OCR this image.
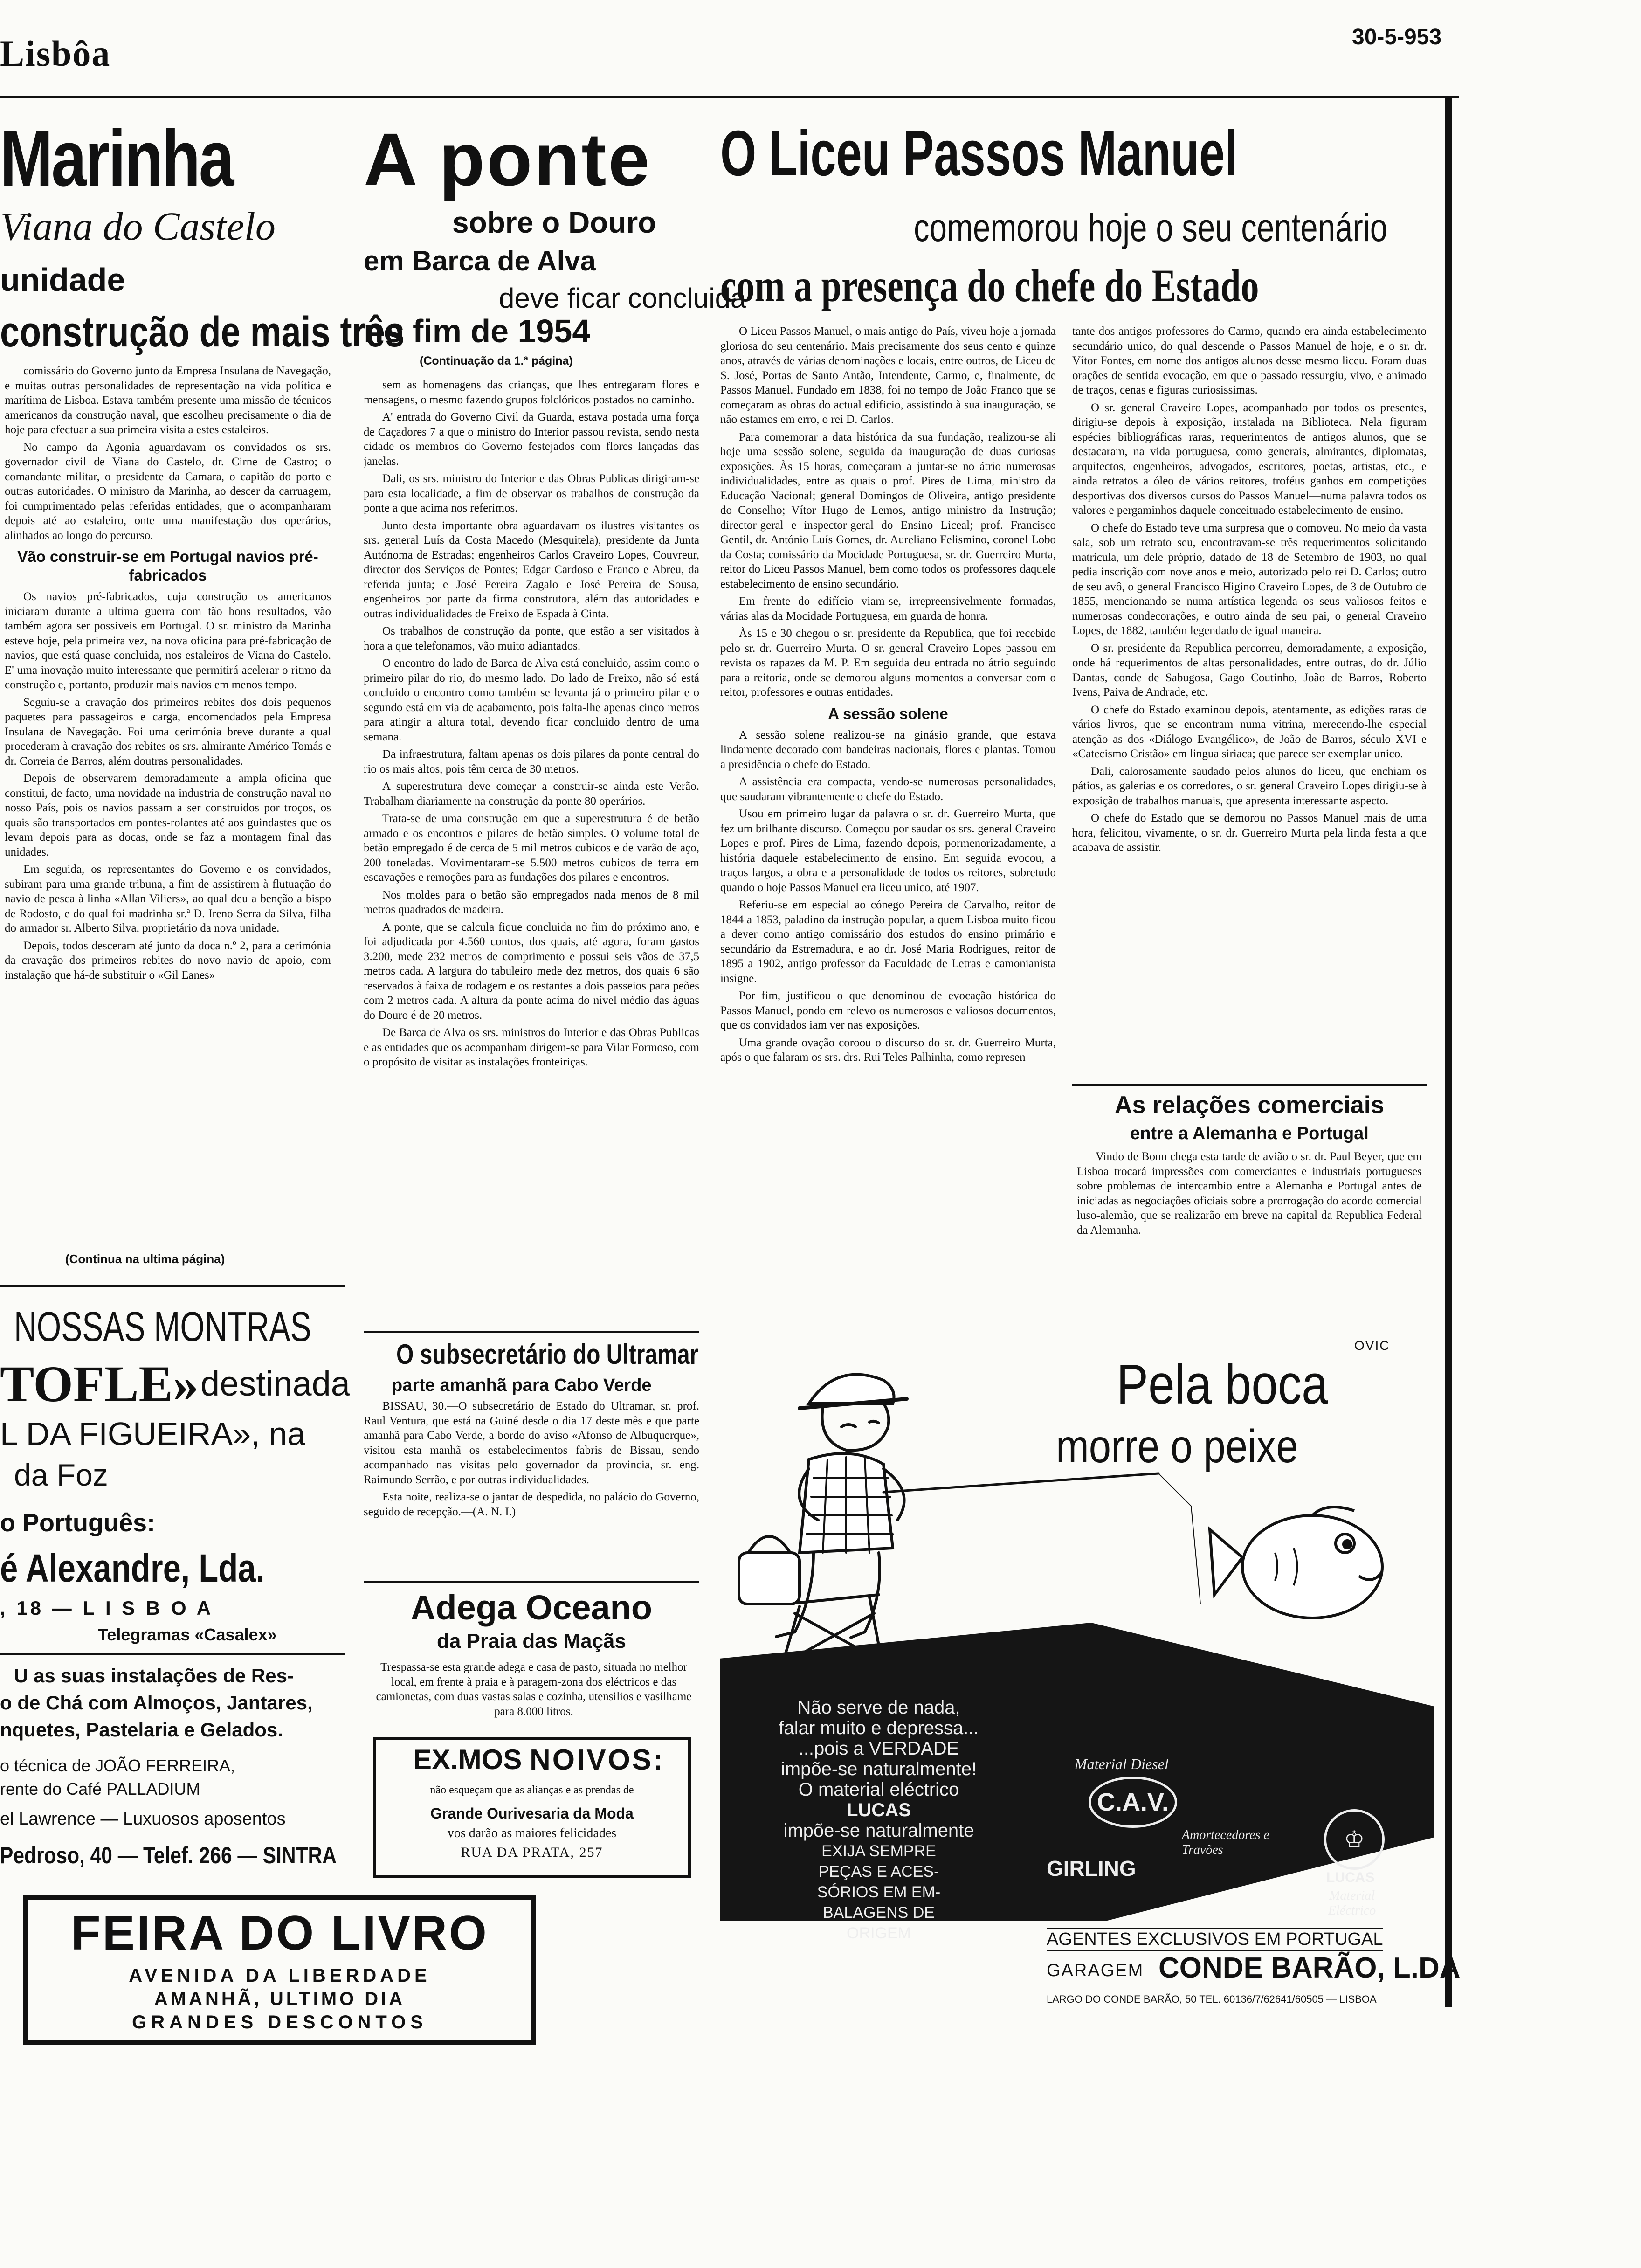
Lisbôa	30-5-953
Marinha
Viana do Castelo
unidade
construção de mais três

comissário do Governo junto da Empresa Insulana de Navegação, e muitas outras personalidades de representação na vida política e marítima de Lisboa. Estava também presente uma missão de técnicos americanos da construção naval, que escolheu precisamente o dia de hoje para efectuar a sua primeira visita a estes estaleiros.

No campo da Agonia aguardavam os convidados os srs. governador civil de Viana do Castelo, dr. Cirne de Castro; o comandante militar, o presidente da Camara, o capitão do porto e outras autoridades. O ministro da Marinha, ao descer da carruagem, foi cumprimentado pelas referidas entidades, que o acompanharam depois até ao estaleiro, onte uma manifestação dos operários, alinhados ao longo do percurso.

Vão construir-se em Portugal navios pré-fabricados

Os navios pré-fabricados, cuja construção os americanos iniciaram durante a ultima guerra com tão bons resultados, vão também agora ser possiveis em Portugal. O sr. ministro da Marinha esteve hoje, pela primeira vez, na nova oficina para pré-fabricação de navios, que está quase concluida, nos estaleiros de Viana do Castelo. E' uma inovação muito interessante que permitirá acelerar o ritmo da construção e, portanto, produzir mais navios em menos tempo.

Seguiu-se a cravação dos primeiros rebites dos dois pequenos paquetes para passageiros e carga, encomendados pela Empresa Insulana de Navegação. Foi uma cerimónia breve durante a qual procederam à cravação dos rebites os srs. almirante Américo Tomás e dr. Correia de Barros, além doutras personalidades.

Depois de observarem demoradamente a ampla oficina que constitui, de facto, uma novidade na industria de construção naval no nosso País, pois os navios passam a ser construidos por troços, os quais são transportados em pontes-rolantes até aos guindastes que os levam depois para as docas, onde se faz a montagem final das unidades.

Em seguida, os representantes do Governo e os convidados, subiram para uma grande tribuna, a fim de assistirem à flutuação do navio de pesca à linha «Allan Viliers», ao qual deu a benção a bispo de Rodosto, e do qual foi madrinha sr.ª D. Ireno Serra da Silva, filha do armador sr. Alberto Silva, proprietário da nova unidade.

Depois, todos desceram até junto da doca n.º 2, para a cerimónia da cravação dos primeiros rebites do novo navio de apoio, com instalação que há-de substituir o «Gil Eanes»

(Continua na ultima página)
NOSSAS MONTRAS
TOFLE» destinada
L DA FIGUEIRA», na
da Foz
o Português:
é Alexandre, Lda.
, 18 — L I S B O A
Telegramas «Casalex»
U as suas instalações de Res-
o de Chá com Almoços, Jantares,
nquetes, Pastelaria e Gelados.
o técnica de JOÃO FERREIRA,
rente do Café PALLADIUM
el Lawrence — Luxuosos aposentos
Pedroso, 40 — Telef. 266 — SINTRA
FEIRA DO LIVRO
AVENIDA DA LIBERDADE
AMANHÃ, ULTIMO DIA
GRANDES DESCONTOS
A ponte
sobre o Douro
em Barca de Alva
deve ficar concluida
no fim de 1954
(Continuação da 1.ª página)

sem as homenagens das crianças, que lhes entregaram flores e mensagens, o mesmo fazendo grupos folclóricos postados no caminho.

A' entrada do Governo Civil da Guarda, estava postada uma força de Caçadores 7 a que o ministro do Interior passou revista, sendo nesta cidade os membros do Governo festejados com flores lançadas das janelas.

Dali, os srs. ministro do Interior e das Obras Publicas dirigiram-se para esta localidade, a fim de observar os trabalhos de construção da ponte a que acima nos referimos.

Junto desta importante obra aguardavam os ilustres visitantes os srs. general Luís da Costa Macedo (Mesquitela), presidente da Junta Autónoma de Estradas; engenheiros Carlos Craveiro Lopes, Couvreur, director dos Serviços de Pontes; Edgar Cardoso e Franco e Abreu, da referida junta; e José Pereira Zagalo e José Pereira de Sousa, engenheiros por parte da firma construtora, além das autoridades e outras individualidades de Freixo de Espada à Cinta.

Os trabalhos de construção da ponte, que estão a ser visitados à hora a que telefonamos, vão muito adiantados.

O encontro do lado de Barca de Alva está concluido, assim como o primeiro pilar do rio, do mesmo lado. Do lado de Freixo, não só está concluido o encontro como também se levanta já o primeiro pilar e o segundo está em via de acabamento, pois falta-lhe apenas cinco metros para atingir a altura total, devendo ficar concluido dentro de uma semana.

Da infraestrutura, faltam apenas os dois pilares da ponte central do rio os mais altos, pois têm cerca de 30 metros.

A superestrutura deve começar a construir-se ainda este Verão. Trabalham diariamente na construção da ponte 80 operários.

Trata-se de uma construção em que a superestrutura é de betão armado e os encontros e pilares de betão simples. O volume total de betão empregado é de cerca de 5 mil metros cubicos e de varão de aço, 200 toneladas. Movimentaram-se 5.500 metros cubicos de terra em escavações e remoções para as fundações dos pilares e encontros.

Nos moldes para o betão são empregados nada menos de 8 mil metros quadrados de madeira.

A ponte, que se calcula fique concluida no fim do próximo ano, e foi adjudicada por 4.560 contos, dos quais, até agora, foram gastos 3.200, mede 232 metros de comprimento e possui seis vãos de 37,5 metros cada. A largura do tabuleiro mede dez metros, dos quais 6 são reservados à faixa de rodagem e os restantes a dois passeios para peões com 2 metros cada. A altura da ponte acima do nível médio das águas do Douro é de 20 metros.

De Barca de Alva os srs. ministros do Interior e das Obras Publicas e as entidades que os acompanham dirigem-se para Vilar Formoso, com o propósito de visitar as instalações fronteiriças.

O subsecretário do Ultramar
parte amanhã para Cabo Verde

BISSAU, 30.—O subsecretário de Estado do Ultramar, sr. prof. Raul Ventura, que está na Guiné desde o dia 17 deste mês e que parte amanhã para Cabo Verde, a bordo do aviso «Afonso de Albuquerque», visitou esta manhã os estabelecimentos fabris de Bissau, sendo acompanhado nas visitas pelo governador da provincia, sr. eng. Raimundo Serrão, e por outras individualidades.

Esta noite, realiza-se o jantar de despedida, no palácio do Governo, seguido de recepção.—(A. N. I.)

Adega Oceano
da Praia das Maçãs
Trespassa-se esta grande adega e casa de pasto, situada no melhor local, em frente à praia e à paragem-zona dos eléctricos e das camionetas, com duas vastas salas e cozinha, utensilios e vasilhame para 8.000 litros.
EX.MOS NOIVOS:
não esqueçam que as alianças e as prendas de
Grande Ourivesaria da Moda
vos darão as maiores felicidades
RUA DA PRATA, 257
O Liceu Passos Manuel
comemorou hoje o seu centenário
com a presença do chefe do Estado

O Liceu Passos Manuel, o mais antigo do País, viveu hoje a jornada gloriosa do seu centenário. Mais precisamente dos seus cento e quinze anos, através de várias denominações e locais, entre outros, de Liceu de S. José, Portas de Santo Antão, Intendente, Carmo, e, finalmente, de Passos Manuel. Fundado em 1838, foi no tempo de João Franco que se começaram as obras do actual edificio, assistindo à sua inauguração, se não estamos em erro, o rei D. Carlos.

Para comemorar a data histórica da sua fundação, realizou-se ali hoje uma sessão solene, seguida da inauguração de duas curiosas exposições. Às 15 horas, começaram a juntar-se no átrio numerosas individualidades, entre as quais o prof. Pires de Lima, ministro da Educação Nacional; general Domingos de Oliveira, antigo presidente do Conselho; Vítor Hugo de Lemos, antigo ministro da Instrução; director-geral e inspector-geral do Ensino Liceal; prof. Francisco Gentil, dr. António Luís Gomes, dr. Aureliano Felismino, coronel Lobo da Costa; comissário da Mocidade Portuguesa, sr. dr. Guerreiro Murta, reitor do Liceu Passos Manuel, bem como todos os professores daquele estabelecimento de ensino secundário.

Em frente do edifício viam-se, irrepreensivelmente formadas, várias alas da Mocidade Portuguesa, em guarda de honra.

Às 15 e 30 chegou o sr. presidente da Republica, que foi recebido pelo sr. dr. Guerreiro Murta. O sr. general Craveiro Lopes passou em revista os rapazes da M. P. Em seguida deu entrada no átrio seguindo para a reitoria, onde se demorou alguns momentos a conversar com o reitor, professores e outras entidades.

A sessão solene

A sessão solene realizou-se na ginásio grande, que estava lindamente decorado com bandeiras nacionais, flores e plantas. Tomou a presidência o chefe do Estado.

A assistência era compacta, vendo-se numerosas personalidades, que saudaram vibrantemente o chefe do Estado.

Usou em primeiro lugar da palavra o sr. dr. Guerreiro Murta, que fez um brilhante discurso. Começou por saudar os srs. general Craveiro Lopes e prof. Pires de Lima, fazendo depois, pormenorizadamente, a história daquele estabelecimento de ensino. Em seguida evocou, a traços largos, a obra e a personalidade de todos os reitores, sobretudo quando o hoje Passos Manuel era liceu unico, até 1907.

Referiu-se em especial ao cónego Pereira de Carvalho, reitor de 1844 a 1853, paladino da instrução popular, a quem Lisboa muito ficou a dever como antigo comissário dos estudos do ensino primário e secundário da Estremadura, e ao dr. José Maria Rodrigues, reitor de 1895 a 1902, antigo professor da Faculdade de Letras e camonianista insigne.

Por fim, justificou o que denominou de evocação histórica do Passos Manuel, pondo em relevo os numerosos e valiosos documentos, que os convidados iam ver nas exposições.

Uma grande ovação coroou o discurso do sr. dr. Guerreiro Murta, após o que falaram os srs. drs. Rui Teles Palhinha, como represen-

tante dos antigos professores do Carmo, quando era ainda estabelecimento secundário unico, do qual descende o Passos Manuel de hoje, e o sr. dr. Vítor Fontes, em nome dos antigos alunos desse mesmo liceu. Foram duas orações de sentida evocação, em que o passado ressurgiu, vivo, e animado de traços, cenas e figuras curiosissimas.

O sr. general Craveiro Lopes, acompanhado por todos os presentes, dirigiu-se depois à exposição, instalada na Biblioteca. Nela figuram espécies bibliográficas raras, requerimentos de antigos alunos, que se destacaram, na vida portuguesa, como generais, almirantes, diplomatas, arquitectos, engenheiros, advogados, escritores, poetas, artistas, etc., e ainda retratos a óleo de vários reitores, troféus ganhos em competições desportivas dos diversos cursos do Passos Manuel—numa palavra todos os valores e pergaminhos daquele conceituado estabelecimento de ensino.

O chefe do Estado teve uma surpresa que o comoveu. No meio da vasta sala, sob um retrato seu, encontravam-se três requerimentos solicitando matricula, um dele próprio, datado de 18 de Setembro de 1903, no qual pedia inscrição com nove anos e meio, autorizado pelo rei D. Carlos; outro de seu avô, o general Francisco Higino Craveiro Lopes, de 3 de Outubro de 1855, mencionando-se numa artística legenda os seus valiosos feitos e numerosas condecorações, e outro ainda de seu pai, o general Craveiro Lopes, de 1882, também legendado de igual maneira.

O sr. presidente da Republica percorreu, demoradamente, a exposição, onde há requerimentos de altas personalidades, entre outras, do dr. Júlio Dantas, conde de Sabugosa, Gago Coutinho, João de Barros, Roberto Ivens, Paiva de Andrade, etc.

O chefe do Estado examinou depois, atentamente, as edições raras de vários livros, que se encontram numa vitrina, merecendo-lhe especial atenção as dos «Diálogo Evangélico», de João de Barros, século XVI e «Catecismo Cristão» em lingua siriaca; que parece ser exemplar unico.

Dali, calorosamente saudado pelos alunos do liceu, que enchiam os pátios, as galerias e os corredores, o sr. general Craveiro Lopes dirigiu-se à exposição de trabalhos manuais, que apresenta interessante aspecto.

O chefe do Estado que se demorou no Passos Manuel mais de uma hora, felicitou, vivamente, o sr. dr. Guerreiro Murta pela linda festa a que acabava de assistir.

As relações comerciais
entre a Alemanha e Portugal

Vindo de Bonn chega esta tarde de avião o sr. dr. Paul Beyer, que em Lisboa trocará impressões com comerciantes e industriais portugueses sobre problemas de intercambio entre a Alemanha e Portugal antes de iniciadas as negociações oficiais sobre a prorrogação do acordo comercial luso-alemão, que se realizarão em breve na capital da Republica Federal da Alemanha.

OVIC
Pela boca
morre o peixe
Não serve de nada,
falar muito e depressa...
...pois a VERDADE
impõe-se naturalmente!
O material eléctrico
LUCAS
impõe-se naturalmente
EXIJA SEMPRE
PEÇAS E ACES-
SÓRIOS EM EM-
BALAGENS DE
ORIGEM
Material Diesel
C.A.V.
GIRLING
Amortecedores e Travões	♔
LUCAS
Material Eléctrico
AGENTES EXCLUSIVOS EM PORTUGAL
GARAGEM CONDE BARÃO, L.DA
LARGO DO CONDE BARÃO, 50 TEL. 60136/7/62641/60505 — LISBOA
